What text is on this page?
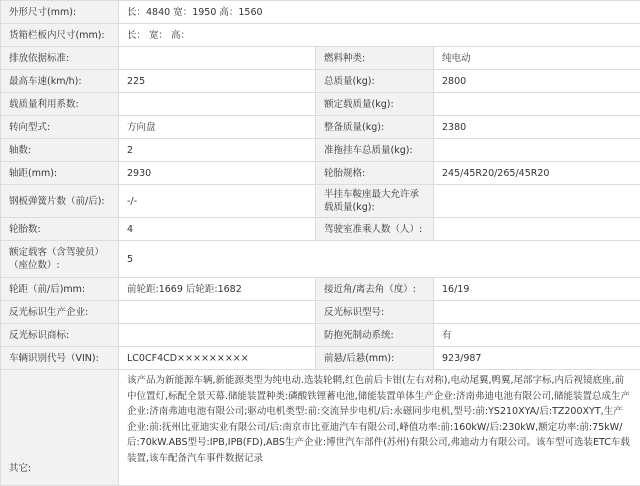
外形尺寸(mm):	长：4840 宽：1950 高：1560		
货箱栏板内尺寸(mm):	长： 宽： 高：		
排放依据标准:		燃料种类:	纯电动
最高车速(km/h):	225	总质量(kg):	2800
载质量利用系数:		额定载质量(kg):	
转向型式:	方向盘	整备质量(kg):	2380
轴数:	2	准拖挂车总质量(kg):	
轴距(mm):	2930	轮胎规格:	245/45R20/265/45R20
钢板弹簧片数（前/后):	-/-	半挂车鞍座最大允许承载质量(kg):	
轮胎数:	4	驾驶室准乘人数（人）:	
额定载客（含驾驶员）（座位数）:	5		
轮距（前/后)mm:	前轮距:1669 后轮距:1682	接近角/离去角（度）:	16/19
反光标识生产企业:		反光标识型号:	
反光标识商标:		防抱死制动系统:	有
车辆识别代号（VIN):	LC0CF4CD×××××××××	前悬/后悬(mm):	923/987
其它:	该产品为新能源车辆,新能源类型为纯电动.选装轮辋,红色前后卡钳(左右对称),电动尾翼,鸭翼,尾部字标,内后视镜底座,前中位置灯,标配全景天幕.储能装置种类:磷酸铁锂蓄电池,储能装置单体生产企业:济南弗迪电池有限公司,储能装置总成生产企业:济南弗迪电池有限公司;驱动电机类型:前:交流异步电机/后:永磁同步电机,型号:前:YS210XYA/后:TZ200XYT,生产企业:前:抚州比亚迪实业有限公司/后:南京市比亚迪汽车有限公司,峰值功率:前:160kW/后:230kW,额定功率:前:75kW/后:70kW.ABS型号:IPB,IPB(FD),ABS生产企业:博世汽车部件(苏州)有限公司,弗迪动力有限公司。该车型可选装ETC车载装置,该车配备汽车事件数据记录		
